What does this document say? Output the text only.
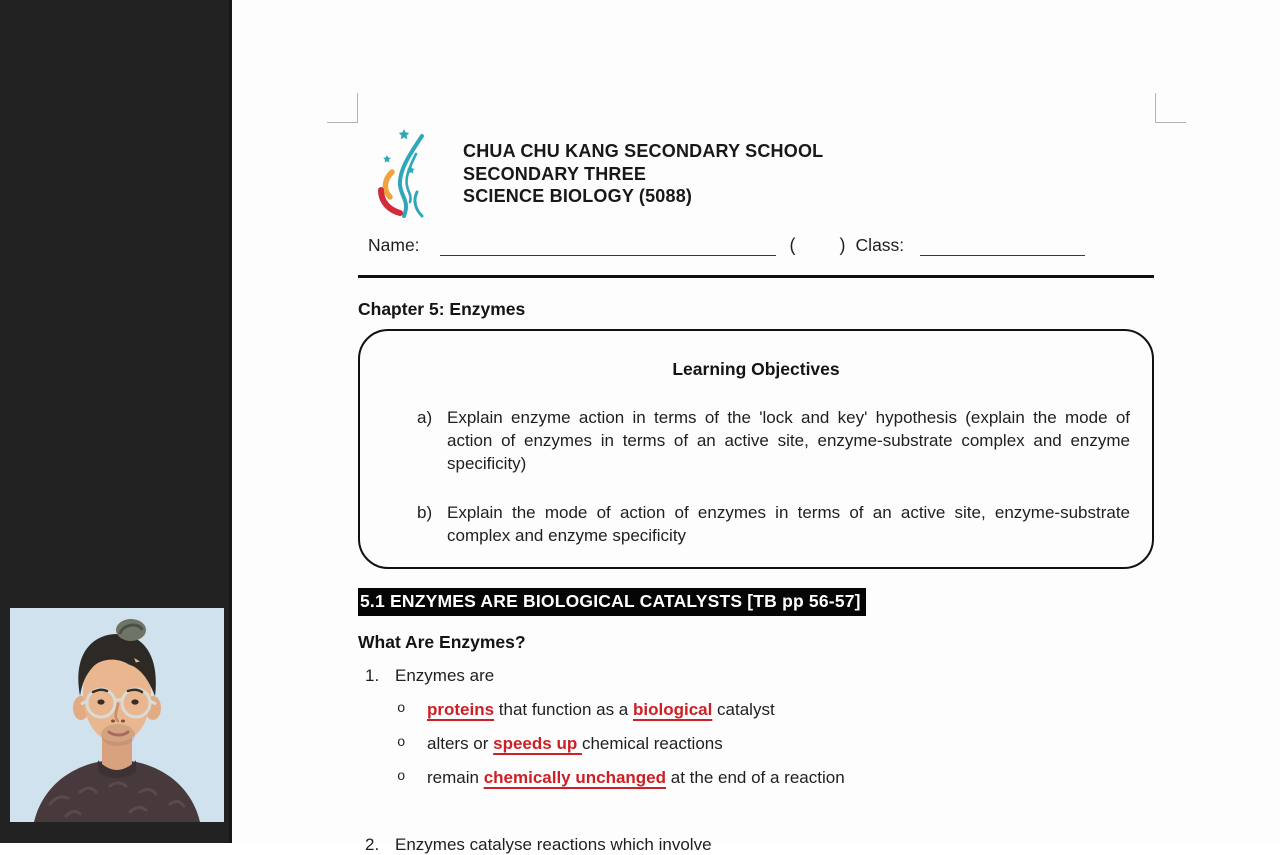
CHUA CHU KANG SECONDARY SCHOOL
SECONDARY THREE
SCIENCE BIOLOGY (5088)
Name:	( ) Class:
Chapter 5: Enzymes
Learning Objectives
a) Explain enzyme action in terms of the 'lock and key' hypothesis (explain the mode of action of enzymes in terms of an active site, enzyme-substrate complex and enzyme specificity)
b) Explain the mode of action of enzymes in terms of an active site, enzyme-substrate complex and enzyme specificity
5.1 ENZYMES ARE BIOLOGICAL CATALYSTS [TB pp 56-57]
What Are Enzymes?
1. Enzymes are
o	proteins that function as a biological catalyst
o	alters or speeds up chemical reactions
o	remain chemically unchanged at the end of a reaction
2. Enzymes catalyse reactions which involve
